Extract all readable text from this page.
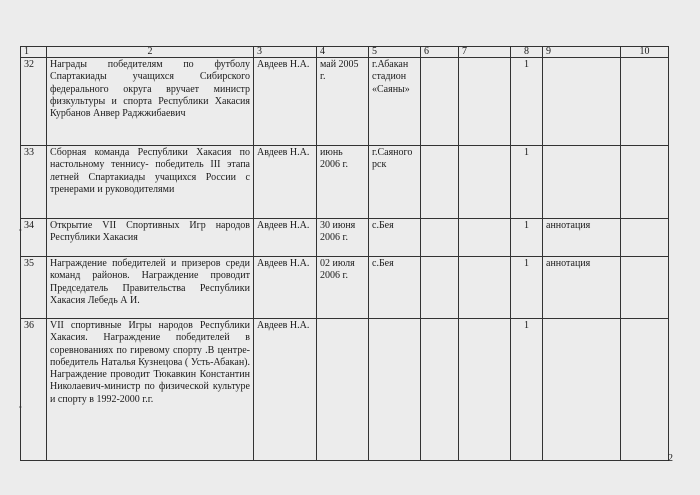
1	2	3	4	5	6	7	8	9	10
32	Награды победителям по футболу Спартакиады учащихся Сибирского федерального округа вручает министр физкультуры и спорта Республики Хакасия Курбанов Анвер Раджжибаевич	Авдеев Н.А.	май 2005 г.	г.Абакан стадион «Саяны»			1		
33	Сборная команда Республики Хакасия по настольному теннису- победитель III этапа летней Спартакиады учащихся России с тренерами и руководителями	Авдеев Н.А.	июнь 2006 г.	г.Саяногорск			1		
34	Открытие VII Спортивных Игр народов Республики Хакасия	Авдеев Н.А.	30 июня 2006 г.	с.Бея			1	аннотация	
35	Награждение победителей и призеров среди команд районов. Награждение проводит Председатель Правительства Республики Хакасия Лебедь А И.	Авдеев Н.А.	02 июля 2006 г.	с.Бея			1	аннотация	
36	VII спортивные Игры народов Республики Хакасия. Награждение победителей в соревнованиях по гиревому спорту .В центре- победитель Наталья Кузнецова ( Усть-Абакан). Награждение проводит Тюкавкин Константин Николаевич-министр по физической культуре и спорту в 1992-2000 г.г.	Авдеев Н.А.					1		
•
•
2
